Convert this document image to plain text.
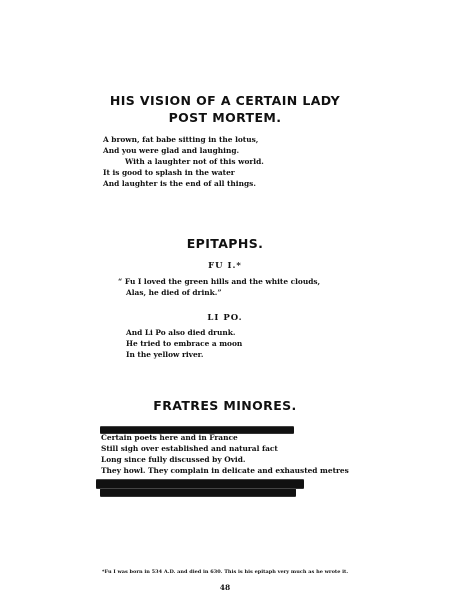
HIS VISION OF A CERTAIN LADY
POST MORTEM.
A brown, fat babe sitting in the lotus,
And you were glad and laughing.
With a laughter not of this world.
It is good to splash in the water
And laughter is the end of all things.
EPITAPHS.
FU I.*
“ Fu I loved the green hills and the white clouds,
Alas, he died of drink.”
LI PO.
And Li Po also died drunk.
He tried to embrace a moon
In the yellow river.
FRATRES MINORES.
Certain poets here and in France
Still sigh over established and natural fact
Long since fully discussed by Ovid.
They howl. They complain in delicate and exhausted metres
*Fu I was born in 534 A.D. and died in 630. This is his epitaph very much as he wrote it.
48
